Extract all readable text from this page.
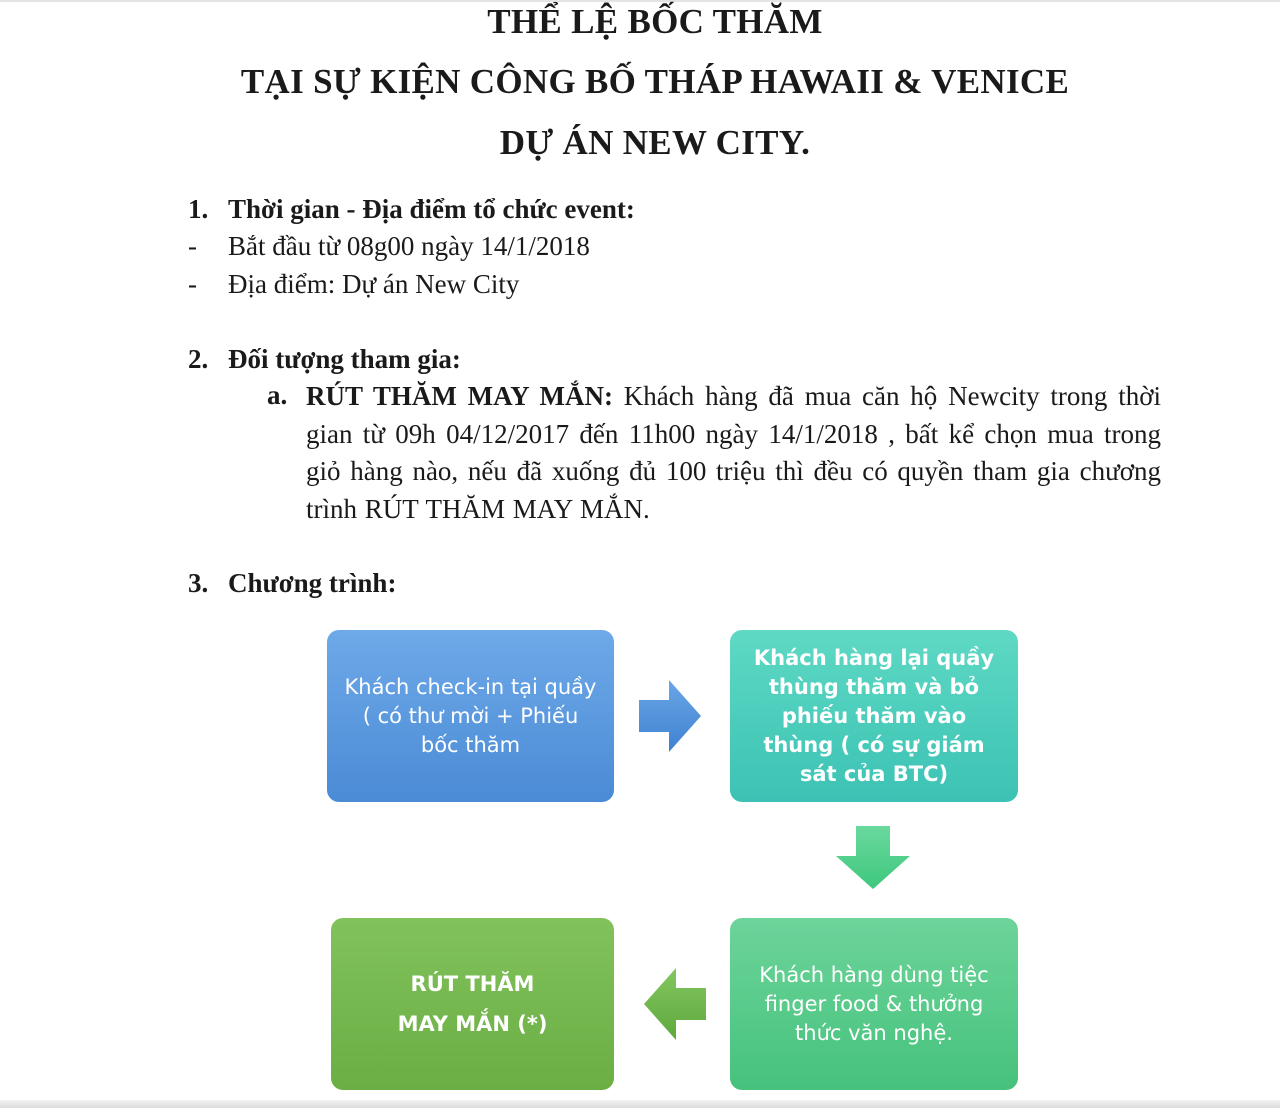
THỂ LỆ BỐC THĂM
TẠI SỰ KIỆN CÔNG BỐ THÁP HAWAII & VENICE
DỰ ÁN NEW CITY.
1. Thời gian - Địa điểm tổ chức event:
- Bắt đầu từ 08g00 ngày 14/1/2018
- Địa điểm: Dự án New City
2. Đối tượng tham gia:
a. RÚT THĂM MAY MẮN: Khách hàng đã mua căn hộ Newcity trong thời gian từ 09h 04/12/2017 đến 11h00 ngày 14/1/2018 , bất kể chọn mua trong giỏ hàng nào, nếu đã xuống đủ 100 triệu thì đều có quyền tham gia chương trình RÚT THĂM MAY MẮN.
3. Chương trình:
Khách check-in tại quầy ( có thư mời + Phiếu bốc thăm
Khách hàng lại quầy thùng thăm và bỏ phiếu thăm vào thùng ( có sự giám sát của BTC)
Khách hàng dùng tiệc finger food & thưởng thức văn nghệ.
RÚT THĂM
MAY MẮN (*)
